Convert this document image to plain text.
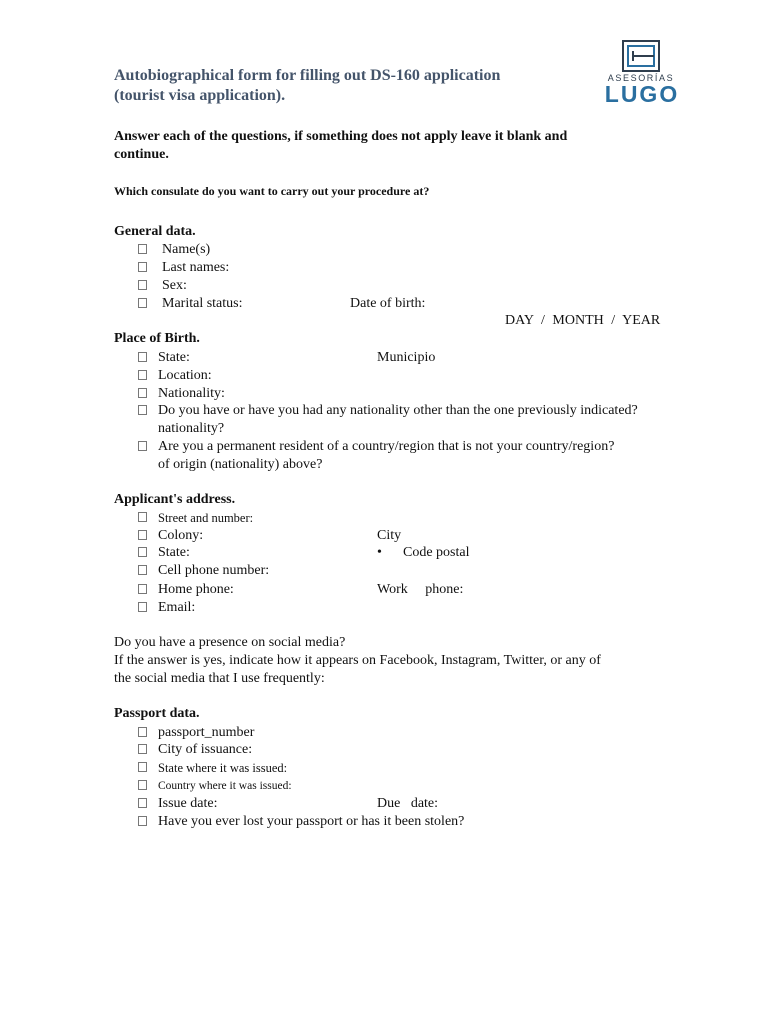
Autobiographical form for filling out DS-160 application
(tourist visa application).
ASESORÍAS
LUGO
Answer each of the questions, if something does not apply leave it blank and
continue.
Which consulate do you want to carry out your procedure at?
General data.
Name(s)
Last names:
Sex:
Marital status:	Date of birth:
DAY / MONTH / YEAR
Place of Birth.
State:	Municipio
Location:
Nationality:
Do you have or have you had any nationality other than the one previously indicated?
nationality?
Are you a permanent resident of a country/region that is not your country/region?
of origin (nationality) above?
Applicant's address.
Street and number:
Colony:	City
State:	• Code postal
Cell phone number:
Home phone:	Work     phone:
Email:
Do you have a presence on social media?
If the answer is yes, indicate how it appears on Facebook, Instagram, Twitter, or any of
the social media that I use frequently:
Passport data.
passport_number
City of issuance:
State where it was issued:
Country where it was issued:
Issue date:	Due   date:
Have you ever lost your passport or has it been stolen?
